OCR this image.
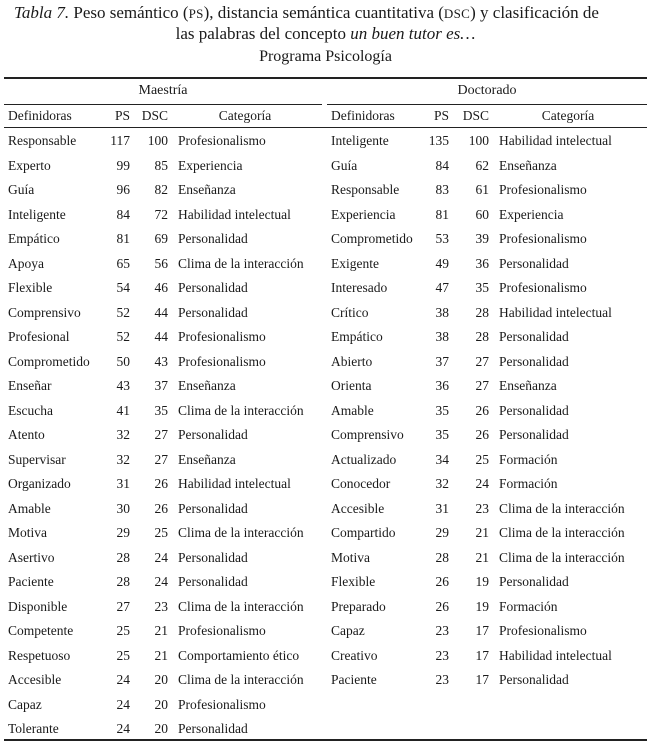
Tabla 7. Peso semántico (PS), distancia semántica cuantitativa (DSC) y clasificación de
las palabras del concepto un buen tutor es…
Programa Psicología
Maestría	Doctorado
Definidoras	PS	DSC	Categoría		Definidoras	PS	DSC	Categoría
Responsable	117	100	Profesionalismo		Inteligente	135	100	Habilidad intelectual
Experto	99	85	Experiencia		Guía	84	62	Enseñanza
Guía	96	82	Enseñanza		Responsable	83	61	Profesionalismo
Inteligente	84	72	Habilidad intelectual		Experiencia	81	60	Experiencia
Empático	81	69	Personalidad		Comprometido	53	39	Profesionalismo
Apoya	65	56	Clima de la interacción		Exigente	49	36	Personalidad
Flexible	54	46	Personalidad		Interesado	47	35	Profesionalismo
Comprensivo	52	44	Personalidad		Crítico	38	28	Habilidad intelectual
Profesional	52	44	Profesionalismo		Empático	38	28	Personalidad
Comprometido	50	43	Profesionalismo		Abierto	37	27	Personalidad
Enseñar	43	37	Enseñanza		Orienta	36	27	Enseñanza
Escucha	41	35	Clima de la interacción		Amable	35	26	Personalidad
Atento	32	27	Personalidad		Comprensivo	35	26	Personalidad
Supervisar	32	27	Enseñanza		Actualizado	34	25	Formación
Organizado	31	26	Habilidad intelectual		Conocedor	32	24	Formación
Amable	30	26	Personalidad		Accesible	31	23	Clima de la interacción
Motiva	29	25	Clima de la interacción		Compartido	29	21	Clima de la interacción
Asertivo	28	24	Personalidad		Motiva	28	21	Clima de la interacción
Paciente	28	24	Personalidad		Flexible	26	19	Personalidad
Disponible	27	23	Clima de la interacción		Preparado	26	19	Formación
Competente	25	21	Profesionalismo		Capaz	23	17	Profesionalismo
Respetuoso	25	21	Comportamiento ético		Creativo	23	17	Habilidad intelectual
Accesible	24	20	Clima de la interacción		Paciente	23	17	Personalidad
Capaz	24	20	Profesionalismo					
Tolerante	24	20	Personalidad					
